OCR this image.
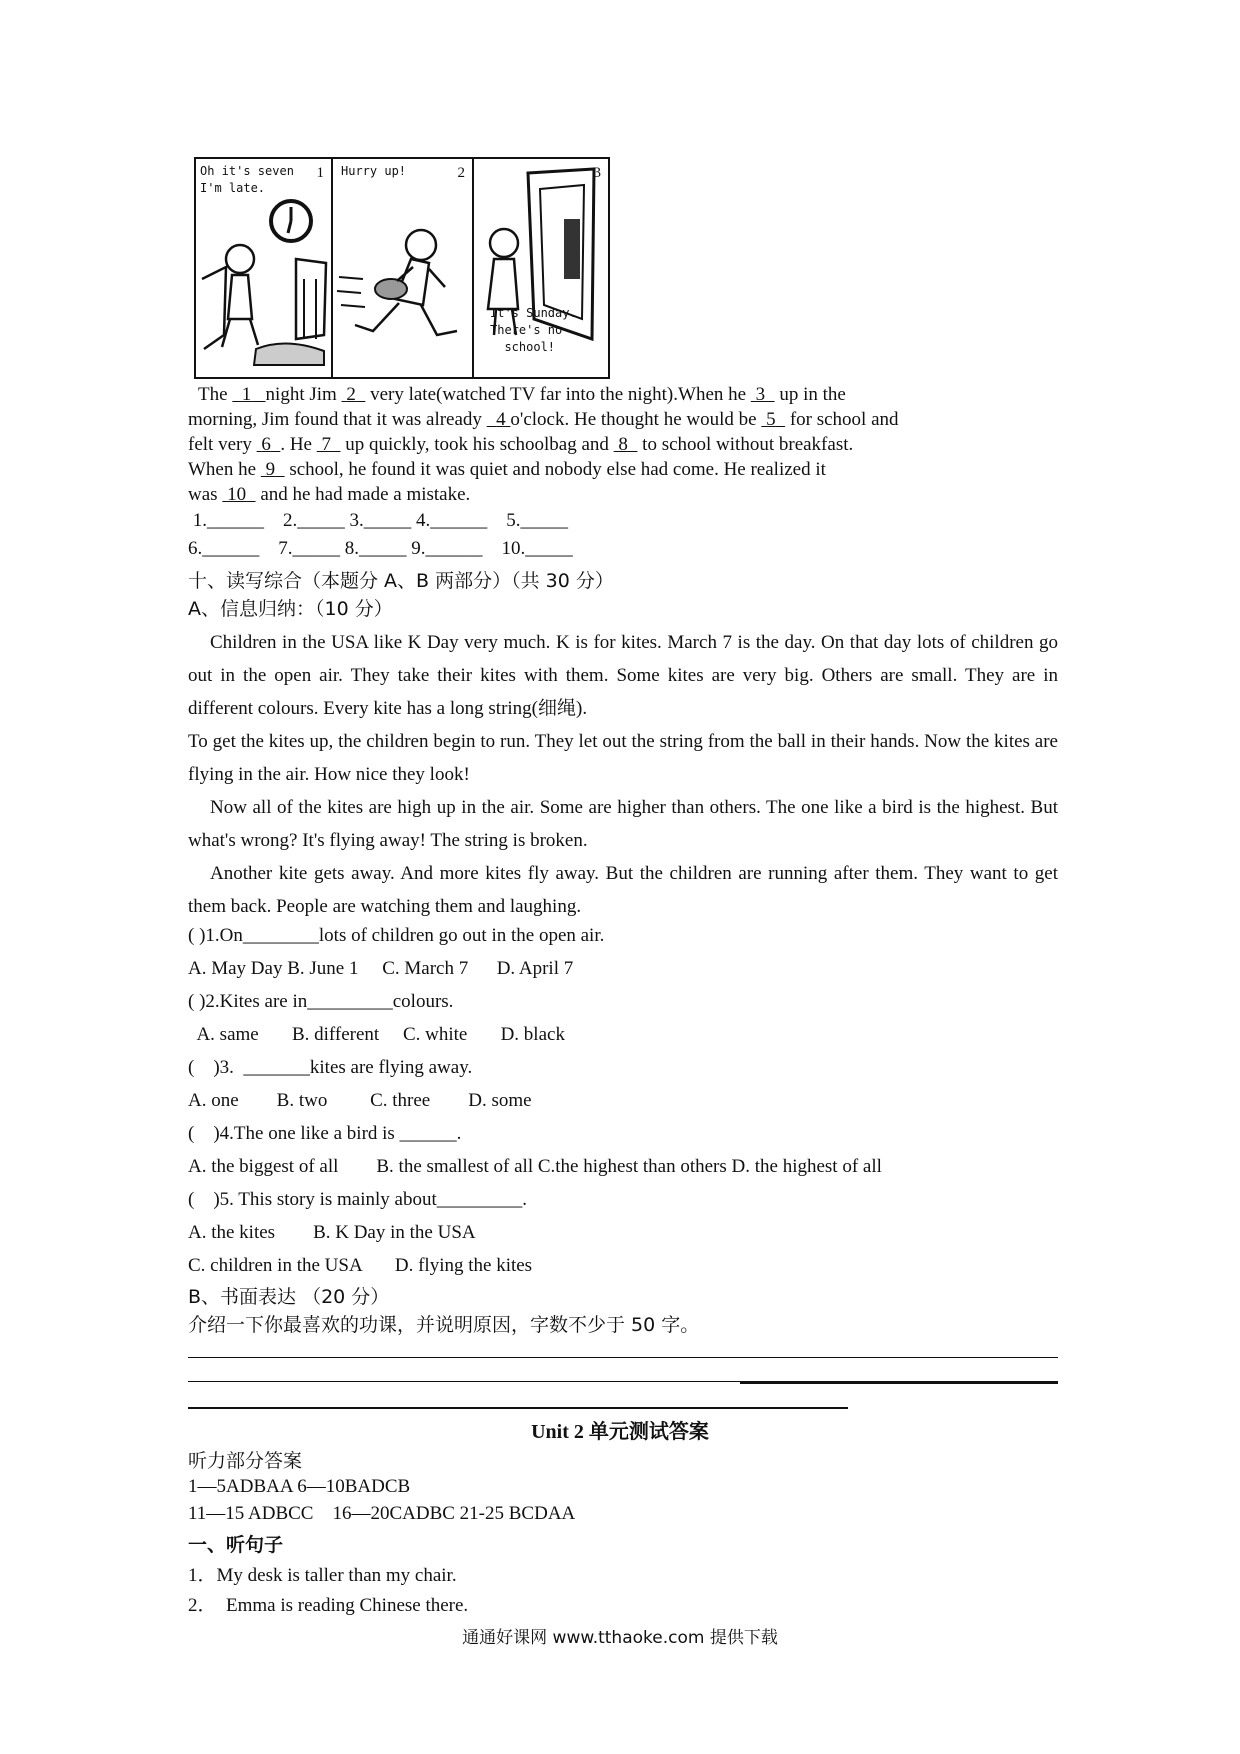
Oh it's seven
I'm late.
1 Hurry up!	2	3
It's Sunday.
There's no
school!
The   1 night Jim  2   very late(watched TV far into the night).When he  3   up in the
morning, Jim found that it was already   4 o'clock. He thought he would be  5   for school and
felt very  6 . He  7   up quickly, took his schoolbag and  8   to school without breakfast.
When he  9   school, he found it was quiet and nobody else had come. He realized it
was  10   and he had made a mistake.
1.______    2._____ 3._____ 4.______    5._____
6.______    7._____ 8._____ 9.______    10._____
十、读写综合（本题分 A、B 两部分）（共 30 分）
A、信息归纳：（10 分）
Children in the USA like K Day very much. K is for kites. March 7 is the day. On that day lots of children go out in the open air. They take their kites with them. Some kites are very big. Others are small. They are in different colours. Every kite has a long string(细绳).
To get the kites up, the children begin to run. They let out the string from the ball in their hands. Now the kites are flying in the air. How nice they look!
Now all of the kites are high up in the air. Some are higher than others. The one like a bird is the highest. But what's wrong? It's flying away! The string is broken.
Another kite gets away. And more kites fly away. But the children are running after them. They want to get them back. People are watching them and laughing.
( )1.On________lots of children go out in the open air.
A. May Day B. June 1     C. March 7      D. April 7
( )2.Kites are in_________colours.
A. same       B. different     C. white       D. black
(    )3.  _______kites are flying away.
A. one        B. two         C. three        D. some
(    )4.The one like a bird is ______.
A. the biggest of all        B. the smallest of all C.the highest than others D. the highest of all
(    )5. This story is mainly about_________.
A. the kites        B. K Day in the USA
C. children in the USA       D. flying the kites
B、书面表达 （20 分）
介绍一下你最喜欢的功课，并说明原因，字数不少于 50 字。
Unit 2 单元测试答案
听力部分答案
1—5ADBAA 6—10BADCB
11—15 ADBCC    16—20CADBC 21-25 BCDAA
一、听句子
1．My desk is taller than my chair.
2．  Emma is reading Chinese there.
通通好课网 www.tthaoke.com 提供下载
